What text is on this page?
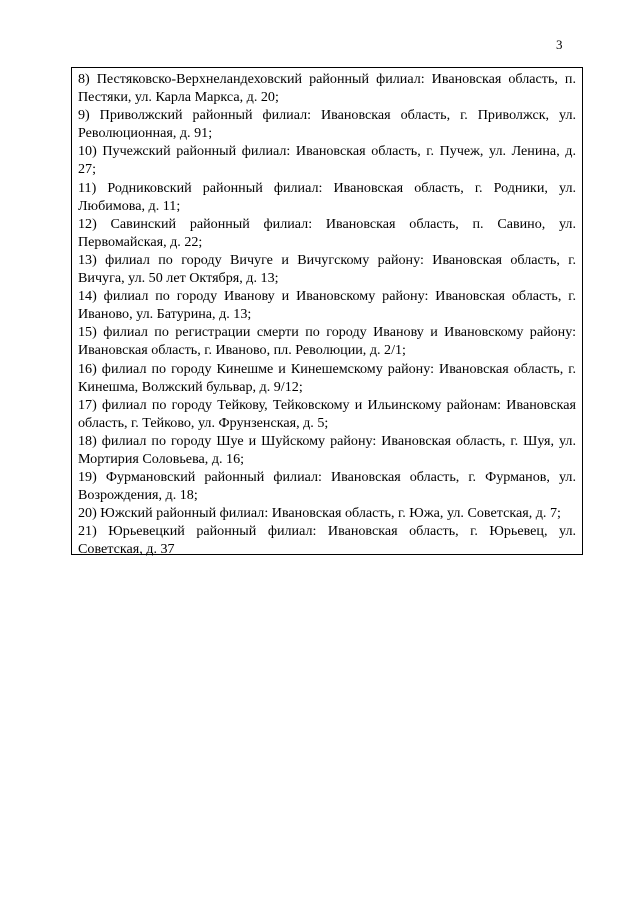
3
8) Пестяковско-Верхнеландеховский районный филиал: Ивановская область, п. Пестяки, ул. Карла Маркса, д. 20;
9) Приволжский районный филиал: Ивановская область, г. Приволжск, ул. Революционная, д. 91;
10) Пучежский районный филиал: Ивановская область, г. Пучеж, ул. Ленина, д. 27;
11) Родниковский районный филиал: Ивановская область, г. Родники, ул. Любимова, д. 11;
12) Савинский районный филиал: Ивановская область, п. Савино, ул. Первомайская, д. 22;
13) филиал по городу Вичуге и Вичугскому району: Ивановская область, г. Вичуга, ул. 50 лет Октября, д. 13;
14) филиал по городу Иванову и Ивановскому району: Ивановская область, г. Иваново, ул. Батурина, д. 13;
15) филиал по регистрации смерти по городу Иванову и Ивановскому району: Ивановская область, г. Иваново, пл. Революции, д. 2/1;
16) филиал по городу Кинешме и Кинешемскому району: Ивановская область, г. Кинешма, Волжский бульвар, д. 9/12;
17) филиал по городу Тейкову, Тейковскому и Ильинскому районам: Ивановская область, г. Тейково, ул. Фрунзенская, д. 5;
18) филиал по городу Шуе и Шуйскому району: Ивановская область, г. Шуя, ул. Мортирия Соловьева, д. 16;
19) Фурмановский районный филиал: Ивановская область, г. Фурманов, ул. Возрождения, д. 18;
20) Южский районный филиал: Ивановская область, г. Южа, ул. Советская, д. 7;
21) Юрьевецкий районный филиал: Ивановская область, г. Юрьевец, ул. Советская, д. 37
